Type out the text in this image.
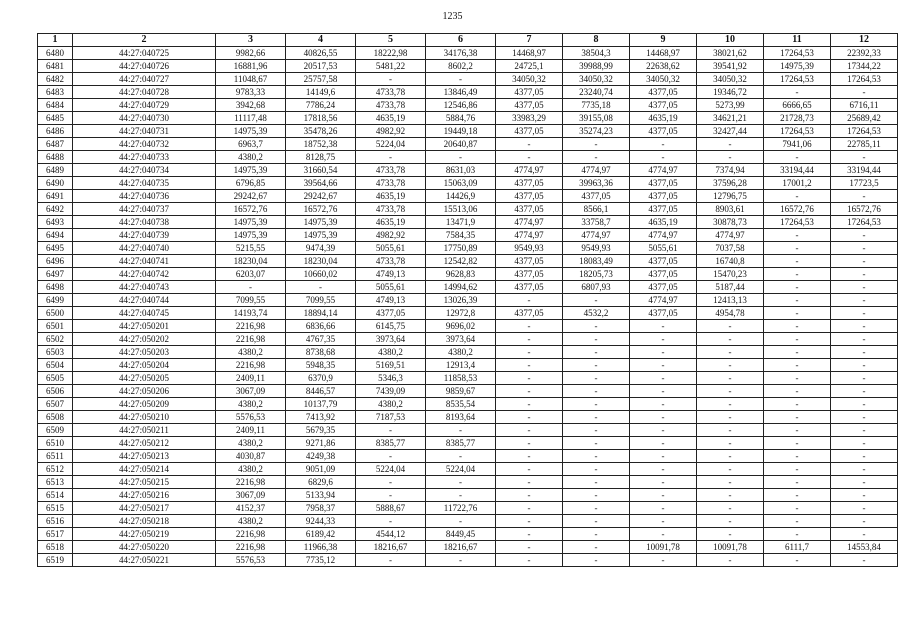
1235
1	2	3	4	5	6	7	8	9	10	11	12
6480	44:27:040725	9982,66	40826,55	18222,98	34176,38	14468,97	38504,3	14468,97	38021,62	17264,53	22392,33
6481	44:27:040726	16881,96	20517,53	5481,22	8602,2	24725,1	39988,99	22638,62	39541,92	14975,39	17344,22
6482	44:27:040727	11048,67	25757,58	-	-	34050,32	34050,32	34050,32	34050,32	17264,53	17264,53
6483	44:27:040728	9783,33	14149,6	4733,78	13846,49	4377,05	23240,74	4377,05	19346,72	-	-
6484	44:27:040729	3942,68	7786,24	4733,78	12546,86	4377,05	7735,18	4377,05	5273,99	6666,65	6716,11
6485	44:27:040730	11117,48	17818,56	4635,19	5884,76	33983,29	39155,08	4635,19	34621,21	21728,73	25689,42
6486	44:27:040731	14975,39	35478,26	4982,92	19449,18	4377,05	35274,23	4377,05	32427,44	17264,53	17264,53
6487	44:27:040732	6963,7	18752,38	5224,04	20640,87	-	-	-	-	7941,06	22785,11
6488	44:27:040733	4380,2	8128,75	-	-	-	-	-	-	-	-
6489	44:27:040734	14975,39	31660,54	4733,78	8631,03	4774,97	4774,97	4774,97	7374,94	33194,44	33194,44
6490	44:27:040735	6796,85	39564,66	4733,78	15063,09	4377,05	39963,36	4377,05	37596,28	17001,2	17723,5
6491	44:27:040736	29242,67	29242,67	4635,19	14426,9	4377,05	4377,05	4377,05	12796,75	-	-
6492	44:27:040737	16572,76	16572,76	4733,78	15513,06	4377,05	8566,1	4377,05	8903,61	16572,76	16572,76
6493	44:27:040738	14975,39	14975,39	4635,19	13471,9	4774,97	33758,7	4635,19	30878,73	17264,53	17264,53
6494	44:27:040739	14975,39	14975,39	4982,92	7584,35	4774,97	4774,97	4774,97	4774,97	-	-
6495	44:27:040740	5215,55	9474,39	5055,61	17750,89	9549,93	9549,93	5055,61	7037,58	-	-
6496	44:27:040741	18230,04	18230,04	4733,78	12542,82	4377,05	18083,49	4377,05	16740,8	-	-
6497	44:27:040742	6203,07	10660,02	4749,13	9628,83	4377,05	18205,73	4377,05	15470,23	-	-
6498	44:27:040743	-	-	5055,61	14994,62	4377,05	6807,93	4377,05	5187,44	-	-
6499	44:27:040744	7099,55	7099,55	4749,13	13026,39	-	-	4774,97	12413,13	-	-
6500	44:27:040745	14193,74	18894,14	4377,05	12972,8	4377,05	4532,2	4377,05	4954,78	-	-
6501	44:27:050201	2216,98	6836,66	6145,75	9696,02	-	-	-	-	-	-
6502	44:27:050202	2216,98	4767,35	3973,64	3973,64	-	-	-	-	-	-
6503	44:27:050203	4380,2	8738,68	4380,2	4380,2	-	-	-	-	-	-
6504	44:27:050204	2216,98	5948,35	5169,51	12913,4	-	-	-	-	-	-
6505	44:27:050205	2409,11	6370,9	5346,3	11858,53	-	-	-	-	-	-
6506	44:27:050206	3067,09	8446,57	7439,09	9859,67	-	-	-	-	-	-
6507	44:27:050209	4380,2	10137,79	4380,2	8535,54	-	-	-	-	-	-
6508	44:27:050210	5576,53	7413,92	7187,53	8193,64	-	-	-	-	-	-
6509	44:27:050211	2409,11	5679,35	-	-	-	-	-	-	-	-
6510	44:27:050212	4380,2	9271,86	8385,77	8385,77	-	-	-	-	-	-
6511	44:27:050213	4030,87	4249,38	-	-	-	-	-	-	-	-
6512	44:27:050214	4380,2	9051,09	5224,04	5224,04	-	-	-	-	-	-
6513	44:27:050215	2216,98	6829,6	-	-	-	-	-	-	-	-
6514	44:27:050216	3067,09	5133,94	-	-	-	-	-	-	-	-
6515	44:27:050217	4152,37	7958,37	5888,67	11722,76	-	-	-	-	-	-
6516	44:27:050218	4380,2	9244,33	-	-	-	-	-	-	-	-
6517	44:27:050219	2216,98	6189,42	4544,12	8449,45	-	-	-	-	-	-
6518	44:27:050220	2216,98	11966,38	18216,67	18216,67	-	-	10091,78	10091,78	6111,7	14553,84
6519	44:27:050221	5576,53	7735,12	-	-	-	-	-	-	-	-
